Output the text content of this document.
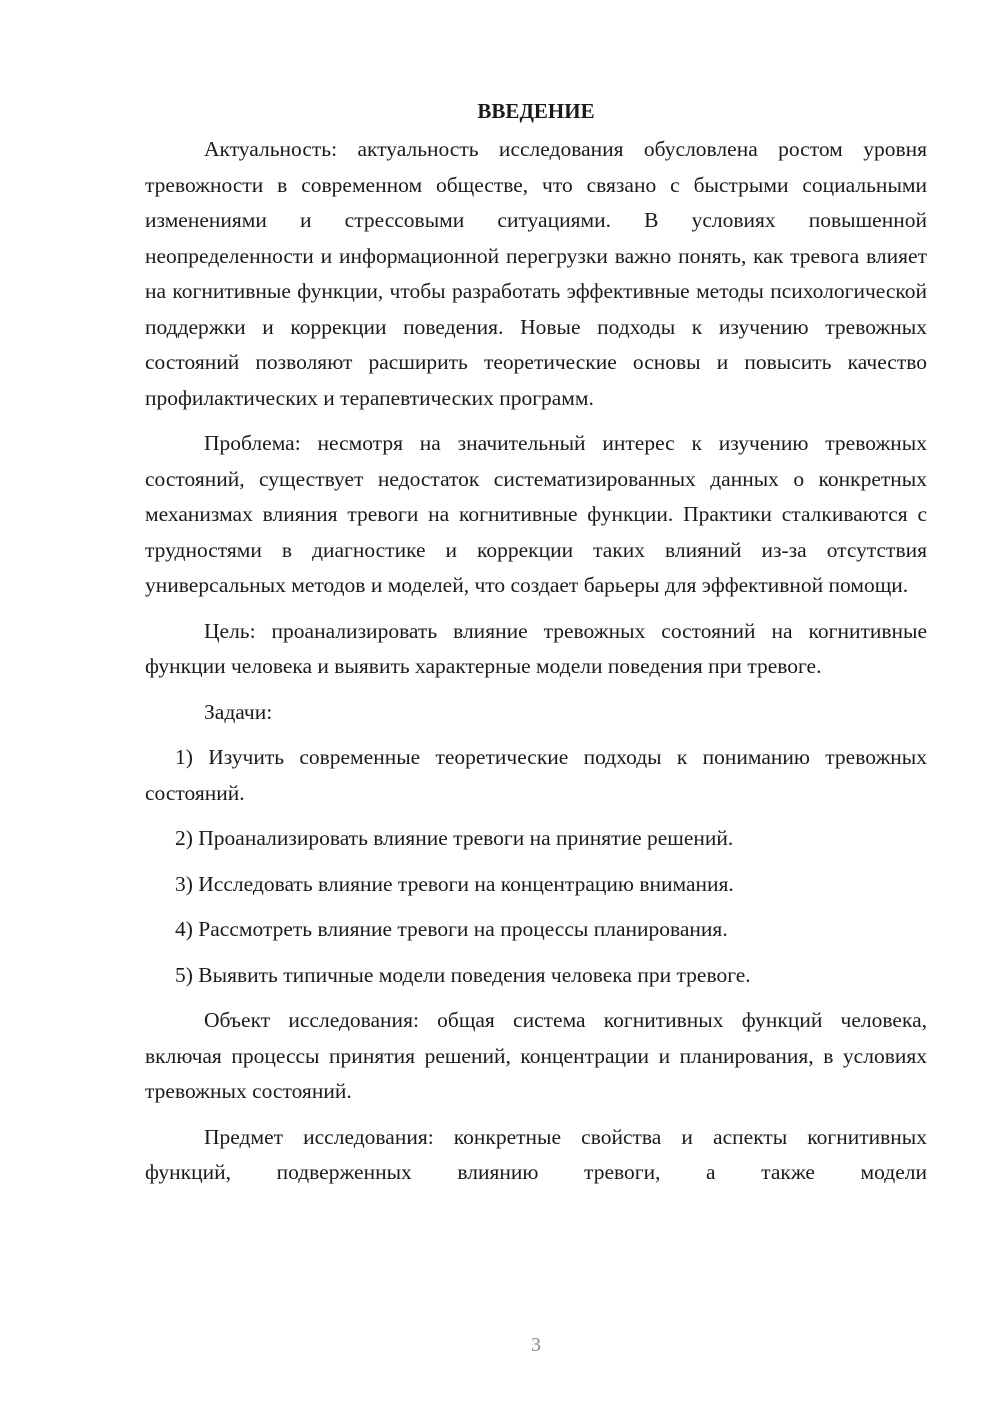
ВВЕДЕНИЕ

Актуальность: актуальность исследования обусловлена ростом уровня тревожности в современном обществе, что связано с быстрыми социальными изменениями и стрессовыми ситуациями. В условиях повышенной неопределенности и информационной перегрузки важно понять, как тревога влияет на когнитивные функции, чтобы разработать эффективные методы психологической поддержки и коррекции поведения. Новые подходы к изучению тревожных состояний позволяют расширить теоретические основы и повысить качество профилактических и терапевтических программ.

Проблема: несмотря на значительный интерес к изучению тревожных состояний, существует недостаток систематизированных данных о конкретных механизмах влияния тревоги на когнитивные функции. Практики сталкиваются с трудностями в диагностике и коррекции таких влияний из-за отсутствия универсальных методов и моделей, что создает барьеры для эффективной помощи.

Цель: проанализировать влияние тревожных состояний на когнитивные функции человека и выявить характерные модели поведения при тревоге.

Задачи:

1) Изучить современные теоретические подходы к пониманию тревожных состояний.

2) Проанализировать влияние тревоги на принятие решений.

3) Исследовать влияние тревоги на концентрацию внимания.

4) Рассмотреть влияние тревоги на процессы планирования.

5) Выявить типичные модели поведения человека при тревоге.

Объект исследования: общая система когнитивных функций человека, включая процессы принятия решений, концентрации и планирования, в условиях тревожных состояний.

Предмет исследования: конкретные свойства и аспекты когнитивных функций, подверженных влиянию тревоги, а также модели

3
